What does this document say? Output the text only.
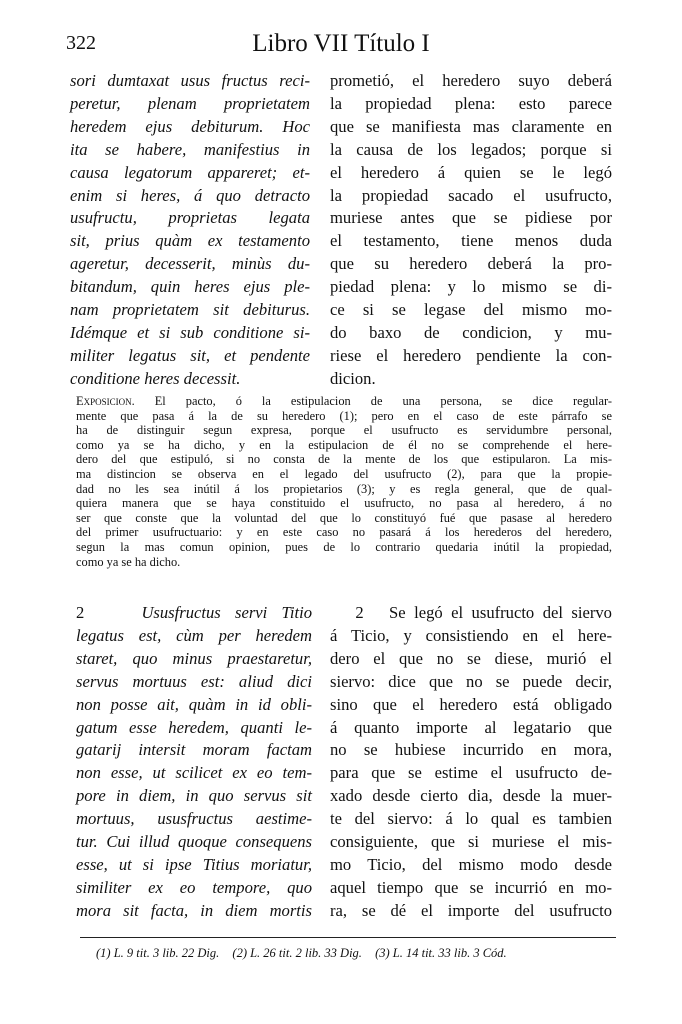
322	Libro VII Título I
sori dumtaxat usus fructus reci-
peretur, plenam proprietatem
heredem ejus debiturum. Hoc
ita se habere, manifestius in
causa legatorum appareret; et-
enim si heres, á quo detracto
usufructu, proprietas legata
sit, prius quàm ex testamento
ageretur, decesserit, minùs du-
bitandum, quin heres ejus ple-
nam proprietatem sit debiturus.
Idémque et si sub conditione si-
militer legatus sit, et pendente
conditione heres decessit.
prometió, el heredero suyo deberá
la propiedad plena: esto parece
que se manifiesta mas claramente en
la causa de los legados; porque si
el heredero á quien se le legó
la propiedad sacado el usufructo,
muriese antes que se pidiese por
el testamento, tiene menos duda
que su heredero deberá la pro-
piedad plena: y lo mismo se di-
ce si se legase del mismo mo-
do baxo de condicion, y mu-
riese el heredero pendiente la con-
dicion.
Exposicion. El pacto, ó la estipulacion de una persona, se dice regular-
mente que pasa á la de su heredero (1); pero en el caso de este párrafo se
ha de distinguir segun expresa, porque el usufructo es servidumbre personal,
como ya se ha dicho, y en la estipulacion de él no se comprehende el here-
dero del que estipuló, si no consta de la mente de los que estipularon. La mis-
ma distincion se observa en el legado del usufructo (2), para que la propie-
dad no les sea inútil á los propietarios (3); y es regla general, que de qual-
quiera manera que se haya constituido el usufructo, no pasa al heredero, á no
ser que conste que la voluntad del que lo constituyó fué que pasase al heredero
del primer usufructuario: y en este caso no pasará á los herederos del heredero,
segun la mas comun opinion, pues de lo contrario quedaria inútil la propiedad,
como ya se ha dicho.
2	Ususfructus servi Titio
legatus est, cùm per heredem
staret, quo minus praestaretur,
servus mortuus est: aliud dici
non posse ait, quàm in id obli-
gatum esse heredem, quanti le-
gatarij intersit moram factam
non esse, ut scilicet ex eo tem-
pore in diem, in quo servus sit
mortuus, ususfructus aestime-
tur. Cui illud quoque consequens
esse, ut si ipse Titius moriatur,
similiter ex eo tempore, quo
mora sit facta, in diem mortis
2 Se legó el usufructo del siervo
á Ticio, y consistiendo en el here-
dero el que no se diese, murió el
siervo: dice que no se puede decir,
sino que el heredero está obligado
á quanto importe al legatario que
no se hubiese incurrido en mora,
para que se estime el usufructo de-
xado desde cierto dia, desde la muer-
te del siervo: á lo qual es tambien
consiguiente, que si muriese el mis-
mo Ticio, del mismo modo desde
aquel tiempo que se incurrió en mo-
ra, se dé el importe del usufructo
(1) L. 9 tit. 3 lib. 22 Dig. (2) L. 26 tit. 2 lib. 33 Dig. (3) L. 14 tit. 33 lib. 3 Cód.
